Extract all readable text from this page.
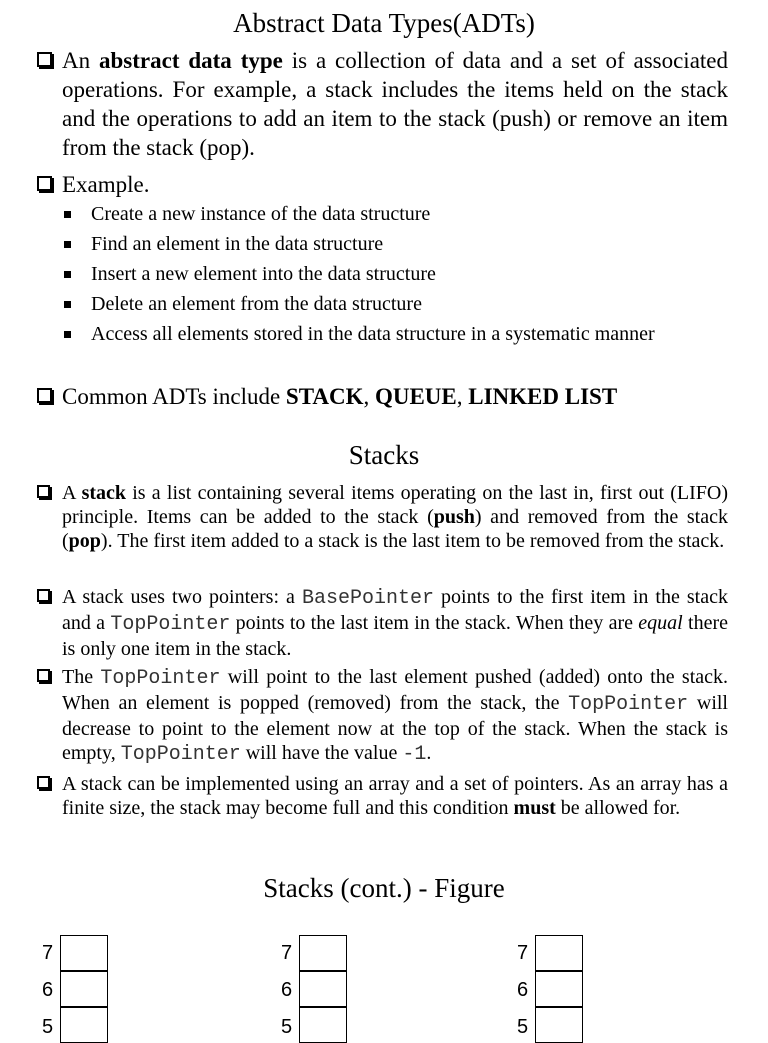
Abstract Data Types(ADTs)

An abstract data type is a collection of data and a set of associated operations. For example, a stack includes the items held on the stack and the operations to add an item to the stack (push) or remove an item from the stack (pop).

Example.

Create a new instance of the data structure

Find an element in the data structure

Insert a new element into the data structure

Delete an element from the data structure

Access all elements stored in the data structure in a systematic manner

Common ADTs include STACK, QUEUE, LINKED LIST

Stacks

A stack is a list containing several items operating on the last in, first out (LIFO) principle. Items can be added to the stack (push) and removed from the stack (pop). The first item added to a stack is the last item to be removed from the stack.

A stack uses two pointers: a BasePointer points to the first item in the stack and a TopPointer points to the last item in the stack. When they are equal there is only one item in the stack.

The TopPointer will point to the last element pushed (added) onto the stack. When an element is popped (removed) from the stack, the TopPointer will decrease to point to the element now at the top of the stack. When the stack is empty, TopPointer will have the value -1.

A stack can be implemented using an array and a set of pointers. As an array has a finite size, the stack may become full and this condition must be allowed for.

Stacks (cont.) - Figure
7
6
5
7
6
5
7
6
5
